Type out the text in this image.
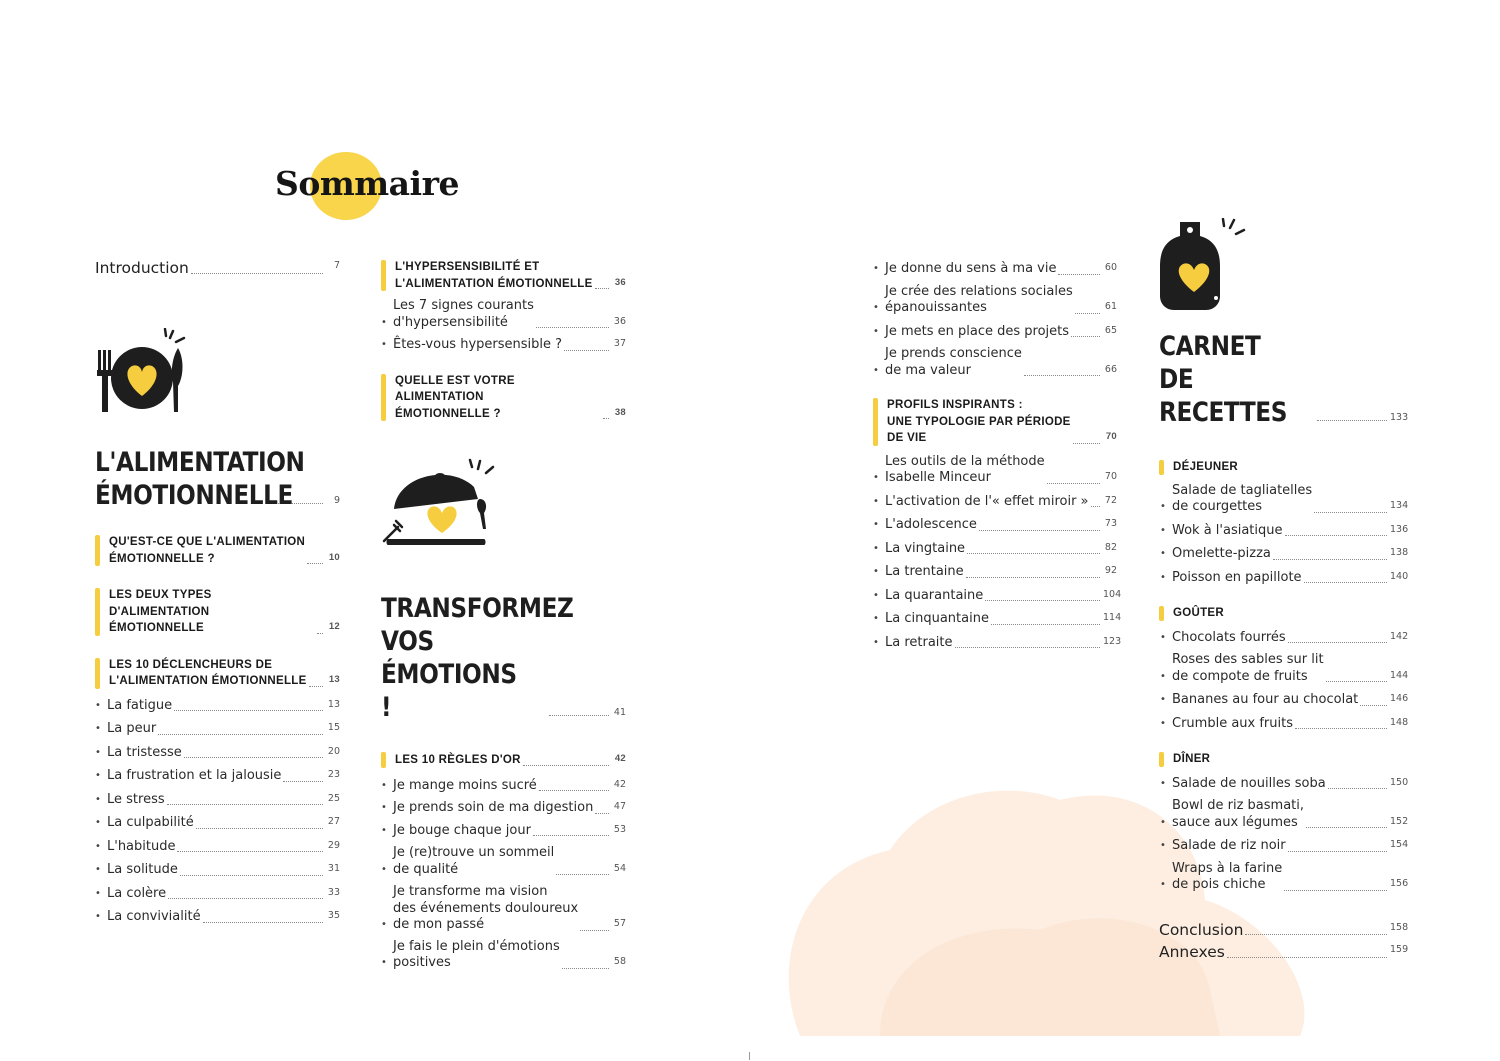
Sommaire
Introduction	7
L'ALIMENTATION
ÉMOTIONNELLE	9
QU'EST-CE QUE L'ALIMENTATION
ÉMOTIONNELLE ?	10
LES DEUX TYPES D'ALIMENTATION
ÉMOTIONNELLE	12
LES 10 DÉCLENCHEURS DE
L'ALIMENTATION ÉMOTIONNELLE 13
• La fatigue	13
• La peur	15
• La tristesse	20
• La frustration et la jalousie	23
• Le stress	25
• La culpabilité	27
• L'habitude	29
• La solitude	31
• La colère	33
• La convivialité	35
L'HYPERSENSIBILITÉ ET
L'ALIMENTATION ÉMOTIONNELLE 36
• Les 7 signes courants
d'hypersensibilité	36
• Êtes-vous hypersensible ?	37
QUELLE EST VOTRE ALIMENTATION
ÉMOTIONNELLE ?	38
TRANSFORMEZ
VOS ÉMOTIONS !	41
LES 10 RÈGLES D'OR	42
• Je mange moins sucré	42
• Je prends soin de ma digestion 47
• Je bouge chaque jour	53
• Je (re)trouve un sommeil
de qualité	54
• Je transforme ma vision
des événements douloureux
de mon passé	57
• Je fais le plein d'émotions
positives	58
• Je donne du sens à ma vie	60
• Je crée des relations sociales
épanouissantes	61
• Je mets en place des projets	65
• Je prends conscience
de ma valeur	66
PROFILS INSPIRANTS :
UNE TYPOLOGIE PAR PÉRIODE
DE VIE	70
• Les outils de la méthode
Isabelle Minceur	70
• L'activation de l'« effet miroir » 72
• L'adolescence	73
• La vingtaine	82
• La trentaine	92
• La quarantaine	104
• La cinquantaine	114
• La retraite	123
CARNET
DE RECETTES	133
DÉJEUNER
• Salade de tagliatelles
de courgettes	134
• Wok à l'asiatique	136
• Omelette-pizza	138
• Poisson en papillote	140
GOÛTER
• Chocolats fourrés	142
• Roses des sables sur lit
de compote de fruits	144
• Bananes au four au chocolat	146
• Crumble aux fruits	148
DÎNER
• Salade de nouilles soba	150
• Bowl de riz basmati,
sauce aux légumes	152
• Salade de riz noir	154
• Wraps à la farine
de pois chiche	156
Conclusion	158
Annexes	159
